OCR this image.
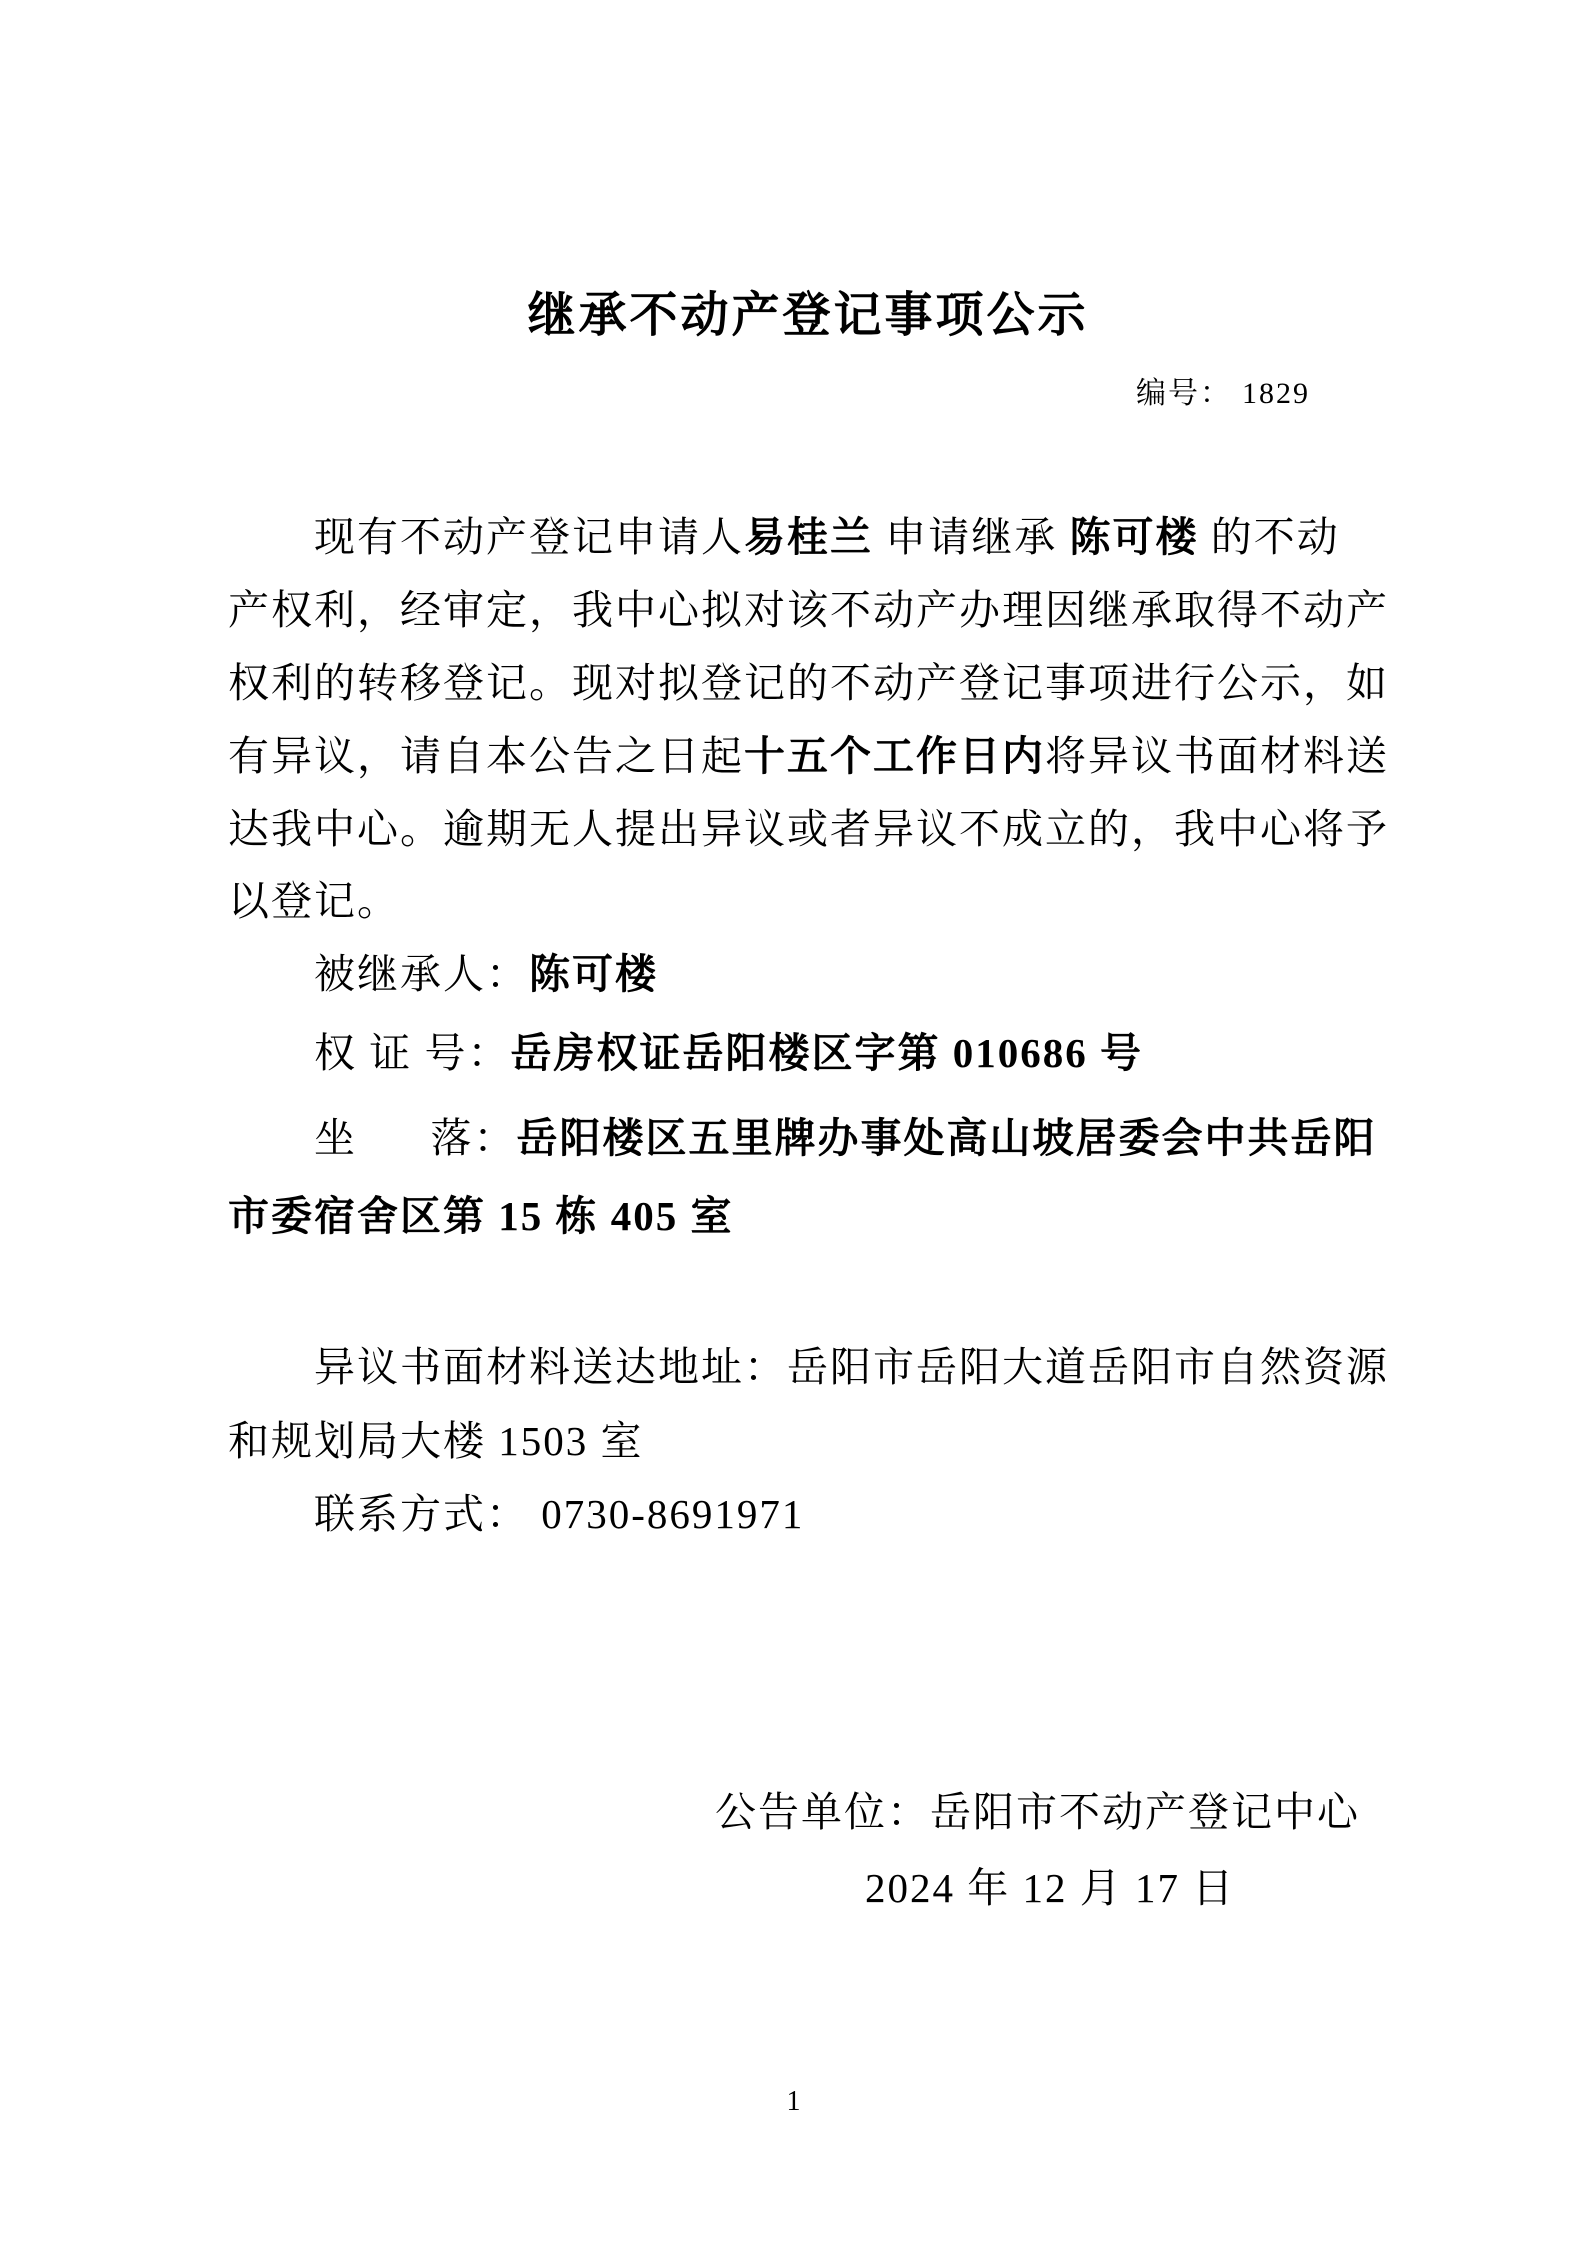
继承不动产登记事项公示
编号： 1829
现有不动产登记申请人易桂兰 申请继承 陈可楼 的不动
产权利，经审定，我中心拟对该不动产办理因继承取得不动产
权利的转移登记。现对拟登记的不动产登记事项进行公示，如
有异议，请自本公告之日起十五个工作日内将异议书面材料送
达我中心。逾期无人提出异议或者异议不成立的，我中心将予
以登记。
被继承人：陈可楼
权 证 号：岳房权证岳阳楼区字第 010686 号
坐      落：岳阳楼区五里牌办事处高山坡居委会中共岳阳
市委宿舍区第 15 栋 405 室
异议书面材料送达地址：岳阳市岳阳大道岳阳市自然资源
和规划局大楼 1503 室
联系方式： 0730-8691971
公告单位：岳阳市不动产登记中心
2024 年 12 月 17 日
1
